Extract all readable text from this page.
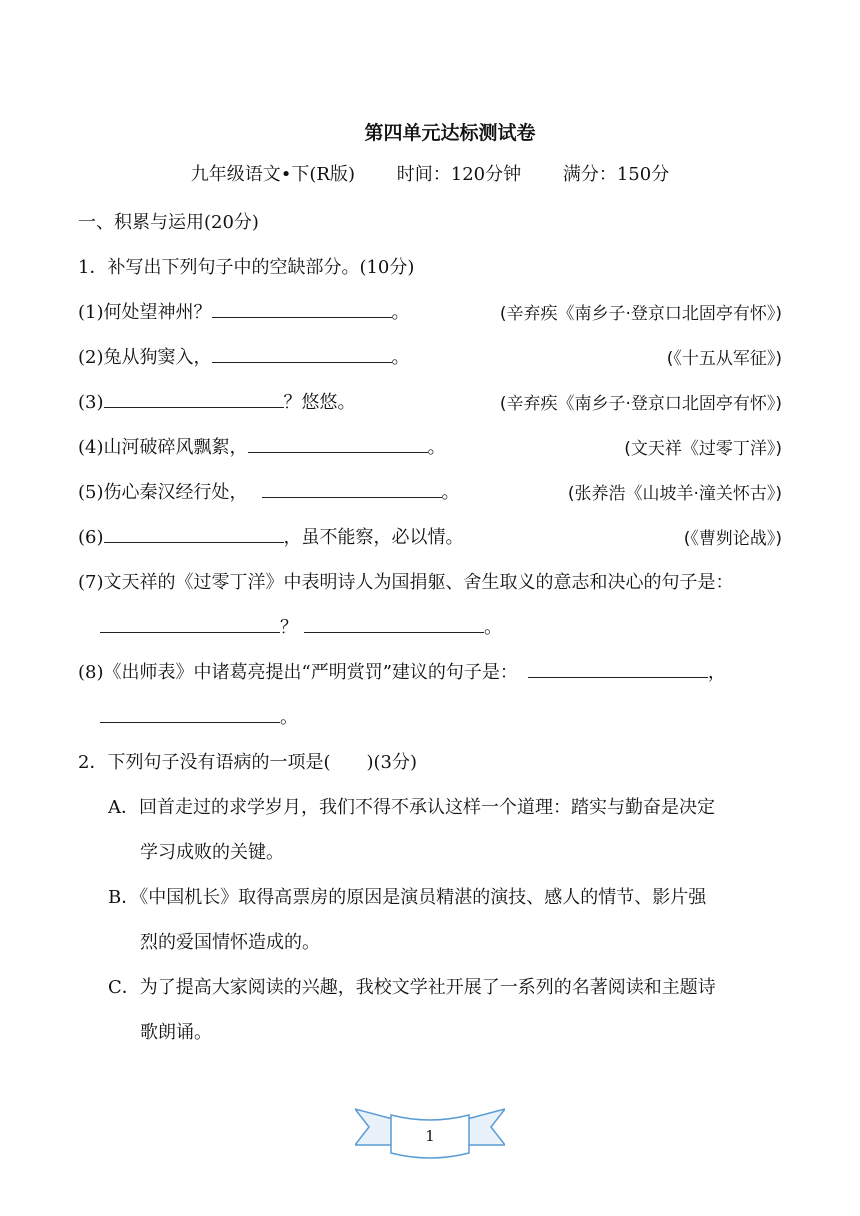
第四单元达标测试卷
九年级语文•下(R版) 时间：120分钟 满分：150分
一、积累与运用(20分)
1．补写出下列句子中的空缺部分。(10分)
(1)何处望神州？	。	(辛弃疾《南乡子·登京口北固亭有怀》)
(2)兔从狗窦入，	。	(《十五从军征》)
(3)	？悠悠。	(辛弃疾《南乡子·登京口北固亭有怀》)
(4)山河破碎风飘絮，	。	(文天祥《过零丁洋》)
(5)伤心秦汉经行处，	。	(张养浩《山坡羊·潼关怀古》)
(6)	，虽不能察，必以情。	(《曹刿论战》)
(7)文天祥的《过零丁洋》中表明诗人为国捐躯、舍生取义的意志和决心的句子是：
？	。
(8)《出师表》中诸葛亮提出“严明赏罚”建议的句子是：	，
。
2．下列句子没有语病的一项是(　　)(3分)
A．回首走过的求学岁月，我们不得不承认这样一个道理：踏实与勤奋是决定
学习成败的关键。
B．《中国机长》取得高票房的原因是演员精湛的演技、感人的情节、影片强
烈的爱国情怀造成的。
C．为了提高大家阅读的兴趣，我校文学社开展了一系列的名著阅读和主题诗
歌朗诵。
1
